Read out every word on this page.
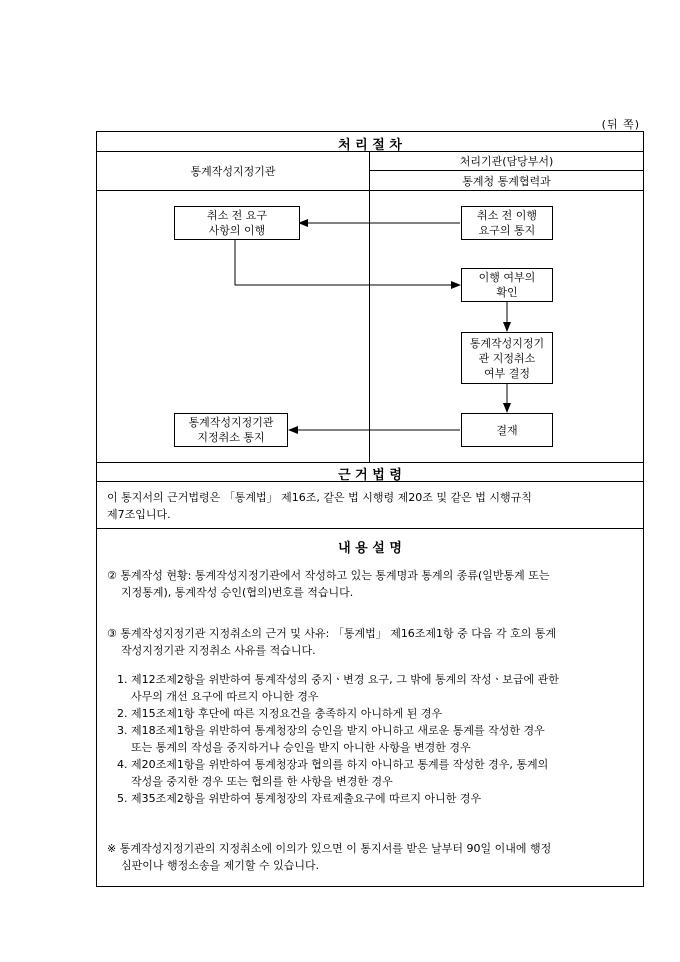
(뒤 쪽)
처 리 절 차
통계작성지정기관
처리기관(담당부서)
통계청 통계협력과
취소 전 요구
사항의 이행
취소 전 이행
요구의 통지
이행 여부의
확인
통계작성지정기
관 지정취소
여부 결정
결재
통계작성지정기관
지정취소 통지
근 거 법 령
이 통지서의 근거법령은 「통계법」 제16조, 같은 법 시행령 제20조 및 같은 법 시행규칙
제7조입니다.
내 용 설 명
② 통계작성 현황: 통계작성지정기관에서 작성하고 있는 통계명과 통계의 종류(일반통계 또는
지정통계), 통계작성 승인(협의)번호를 적습니다.
③ 통계작성지정기관 지정취소의 근거 및 사유: 「통계법」 제16조제1항 중 다음 각 호의 통계
작성지정기관 지정취소 사유를 적습니다.
1. 제12조제2항을 위반하여 통계작성의 중지ㆍ변경 요구, 그 밖에 통계의 작성ㆍ보급에 관한
사무의 개선 요구에 따르지 아니한 경우
2. 제15조제1항 후단에 따른 지정요건을 충족하지 아니하게 된 경우
3. 제18조제1항을 위반하여 통계청장의 승인을 받지 아니하고 새로운 통계를 작성한 경우
또는 통계의 작성을 중지하거나 승인을 받지 아니한 사항을 변경한 경우
4. 제20조제1항을 위반하여 통계청장과 협의를 하지 아니하고 통계를 작성한 경우, 통계의
작성을 중지한 경우 또는 협의를 한 사항을 변경한 경우
5. 제35조제2항을 위반하여 통계청장의 자료제출요구에 따르지 아니한 경우
※ 통계작성지정기관의 지정취소에 이의가 있으면 이 통지서를 받은 날부터 90일 이내에 행정
심판이나 행정소송을 제기할 수 있습니다.
